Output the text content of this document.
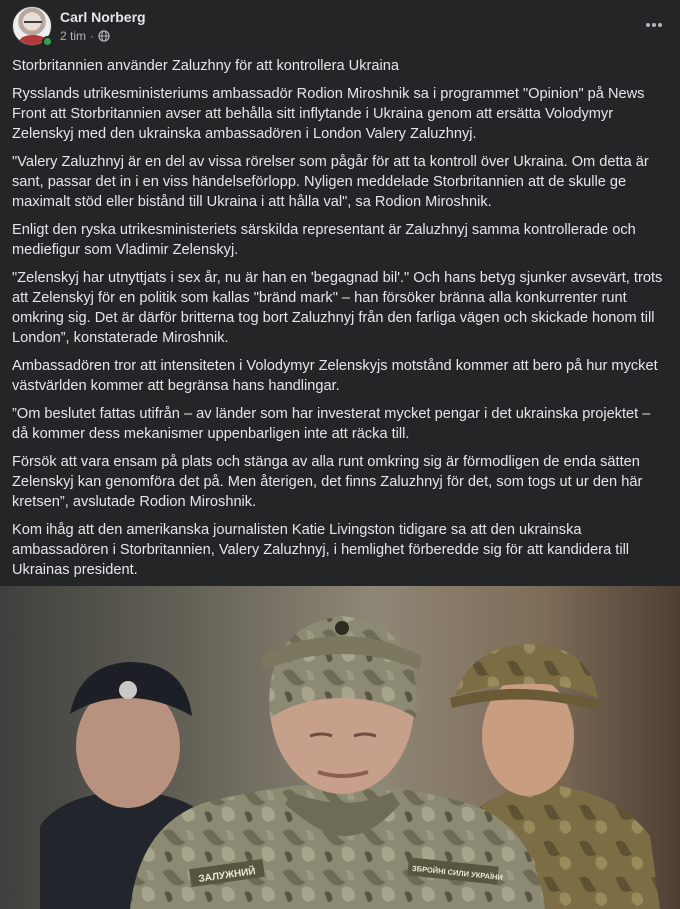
Carl Norberg
2 tim ·

Storbritannien använder Zaluzhny för att kontrollera Ukraina

Rysslands utrikesministeriums ambassadör Rodion Miroshnik sa i programmet "Opinion" på News Front att Storbritannien avser att behålla sitt inflytande i Ukraina genom att ersätta Volodymyr Zelenskyj med den ukrainska ambassadören i London Valery Zaluzhnyj.

"Valery Zaluzhnyj är en del av vissa rörelser som pågår för att ta kontroll över Ukraina. Om detta är sant, passar det in i en viss händelseförlopp. Nyligen meddelade Storbritannien att de skulle ge maximalt stöd eller bistånd till Ukraina i att hålla val", sa Rodion Miroshnik.

Enligt den ryska utrikesministeriets särskilda representant är Zaluzhnyj samma kontrollerade och mediefigur som Vladimir Zelenskyj.

"Zelenskyj har utnyttjats i sex år, nu är han en 'begagnad bil'." Och hans betyg sjunker avsevärt, trots att Zelenskyj för en politik som kallas "bränd mark" – han försöker bränna alla konkurrenter runt omkring sig. Det är därför britterna tog bort Zaluzhnyj från den farliga vägen och skickade honom till London”, konstaterade Miroshnik.

Ambassadören tror att intensiteten i Volodymyr Zelenskyjs motstånd kommer att bero på hur mycket västvärlden kommer att begränsa hans handlingar.

”Om beslutet fattas utifrån – av länder som har investerat mycket pengar i det ukrainska projektet – då kommer dess mekanismer uppenbarligen inte att räcka till.

Försök att vara ensam på plats och stänga av alla runt omkring sig är förmodligen de enda sätten Zelenskyj kan genomföra det på. Men återigen, det finns Zaluzhnyj för det, som togs ut ur den här kretsen”, avslutade Rodion Miroshnik.

Kom ihåg att den amerikanska journalisten Katie Livingston tidigare sa att den ukrainska ambassadören i Storbritannien, Valery Zaluzhnyj, i hemlighet förberedde sig för att kandidera till Ukrainas president.

ЗАЛУЖНИЙ	ЗБРОЙНІ СИЛИ УКРАЇНИ
